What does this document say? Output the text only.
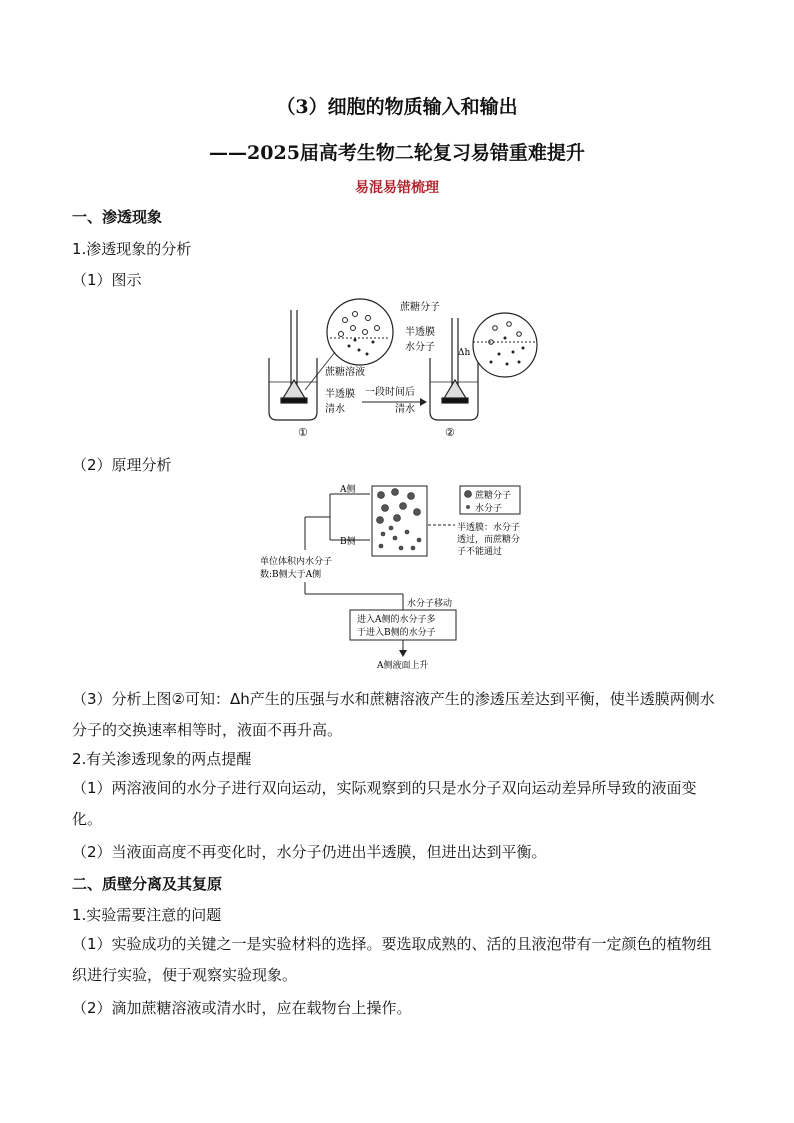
（3）细胞的物质输入和输出
——2025届高考生物二轮复习易错重难提升
易混易错梳理
一、渗透现象
1.渗透现象的分析
（1）图示
蔗糖溶液
半透膜
清水
一段时间后
清水
蔗糖分子
半透膜
水分子	Δh
①	②
（2）原理分析
A侧
B侧
蔗糖分子
水分子
半透膜：水分子
透过，而蔗糖分
子不能通过
单位体积内水分子
数:B侧大于A侧
水分子移动
进入A侧的水分子多
于进入B侧的水分子
A侧液面上升
（3）分析上图②可知：Δh产生的压强与水和蔗糖溶液产生的渗透压差达到平衡，使半透膜两侧水分子的交换速率相等时，液面不再升高。
2.有关渗透现象的两点提醒
（1）两溶液间的水分子进行双向运动，实际观察到的只是水分子双向运动差异所导致的液面变化。
（2）当液面高度不再变化时，水分子仍进出半透膜，但进出达到平衡。
二、质壁分离及其复原
1.实验需要注意的问题
（1）实验成功的关键之一是实验材料的选择。要选取成熟的、活的且液泡带有一定颜色的植物组织进行实验，便于观察实验现象。
（2）滴加蔗糖溶液或清水时，应在载物台上操作。
